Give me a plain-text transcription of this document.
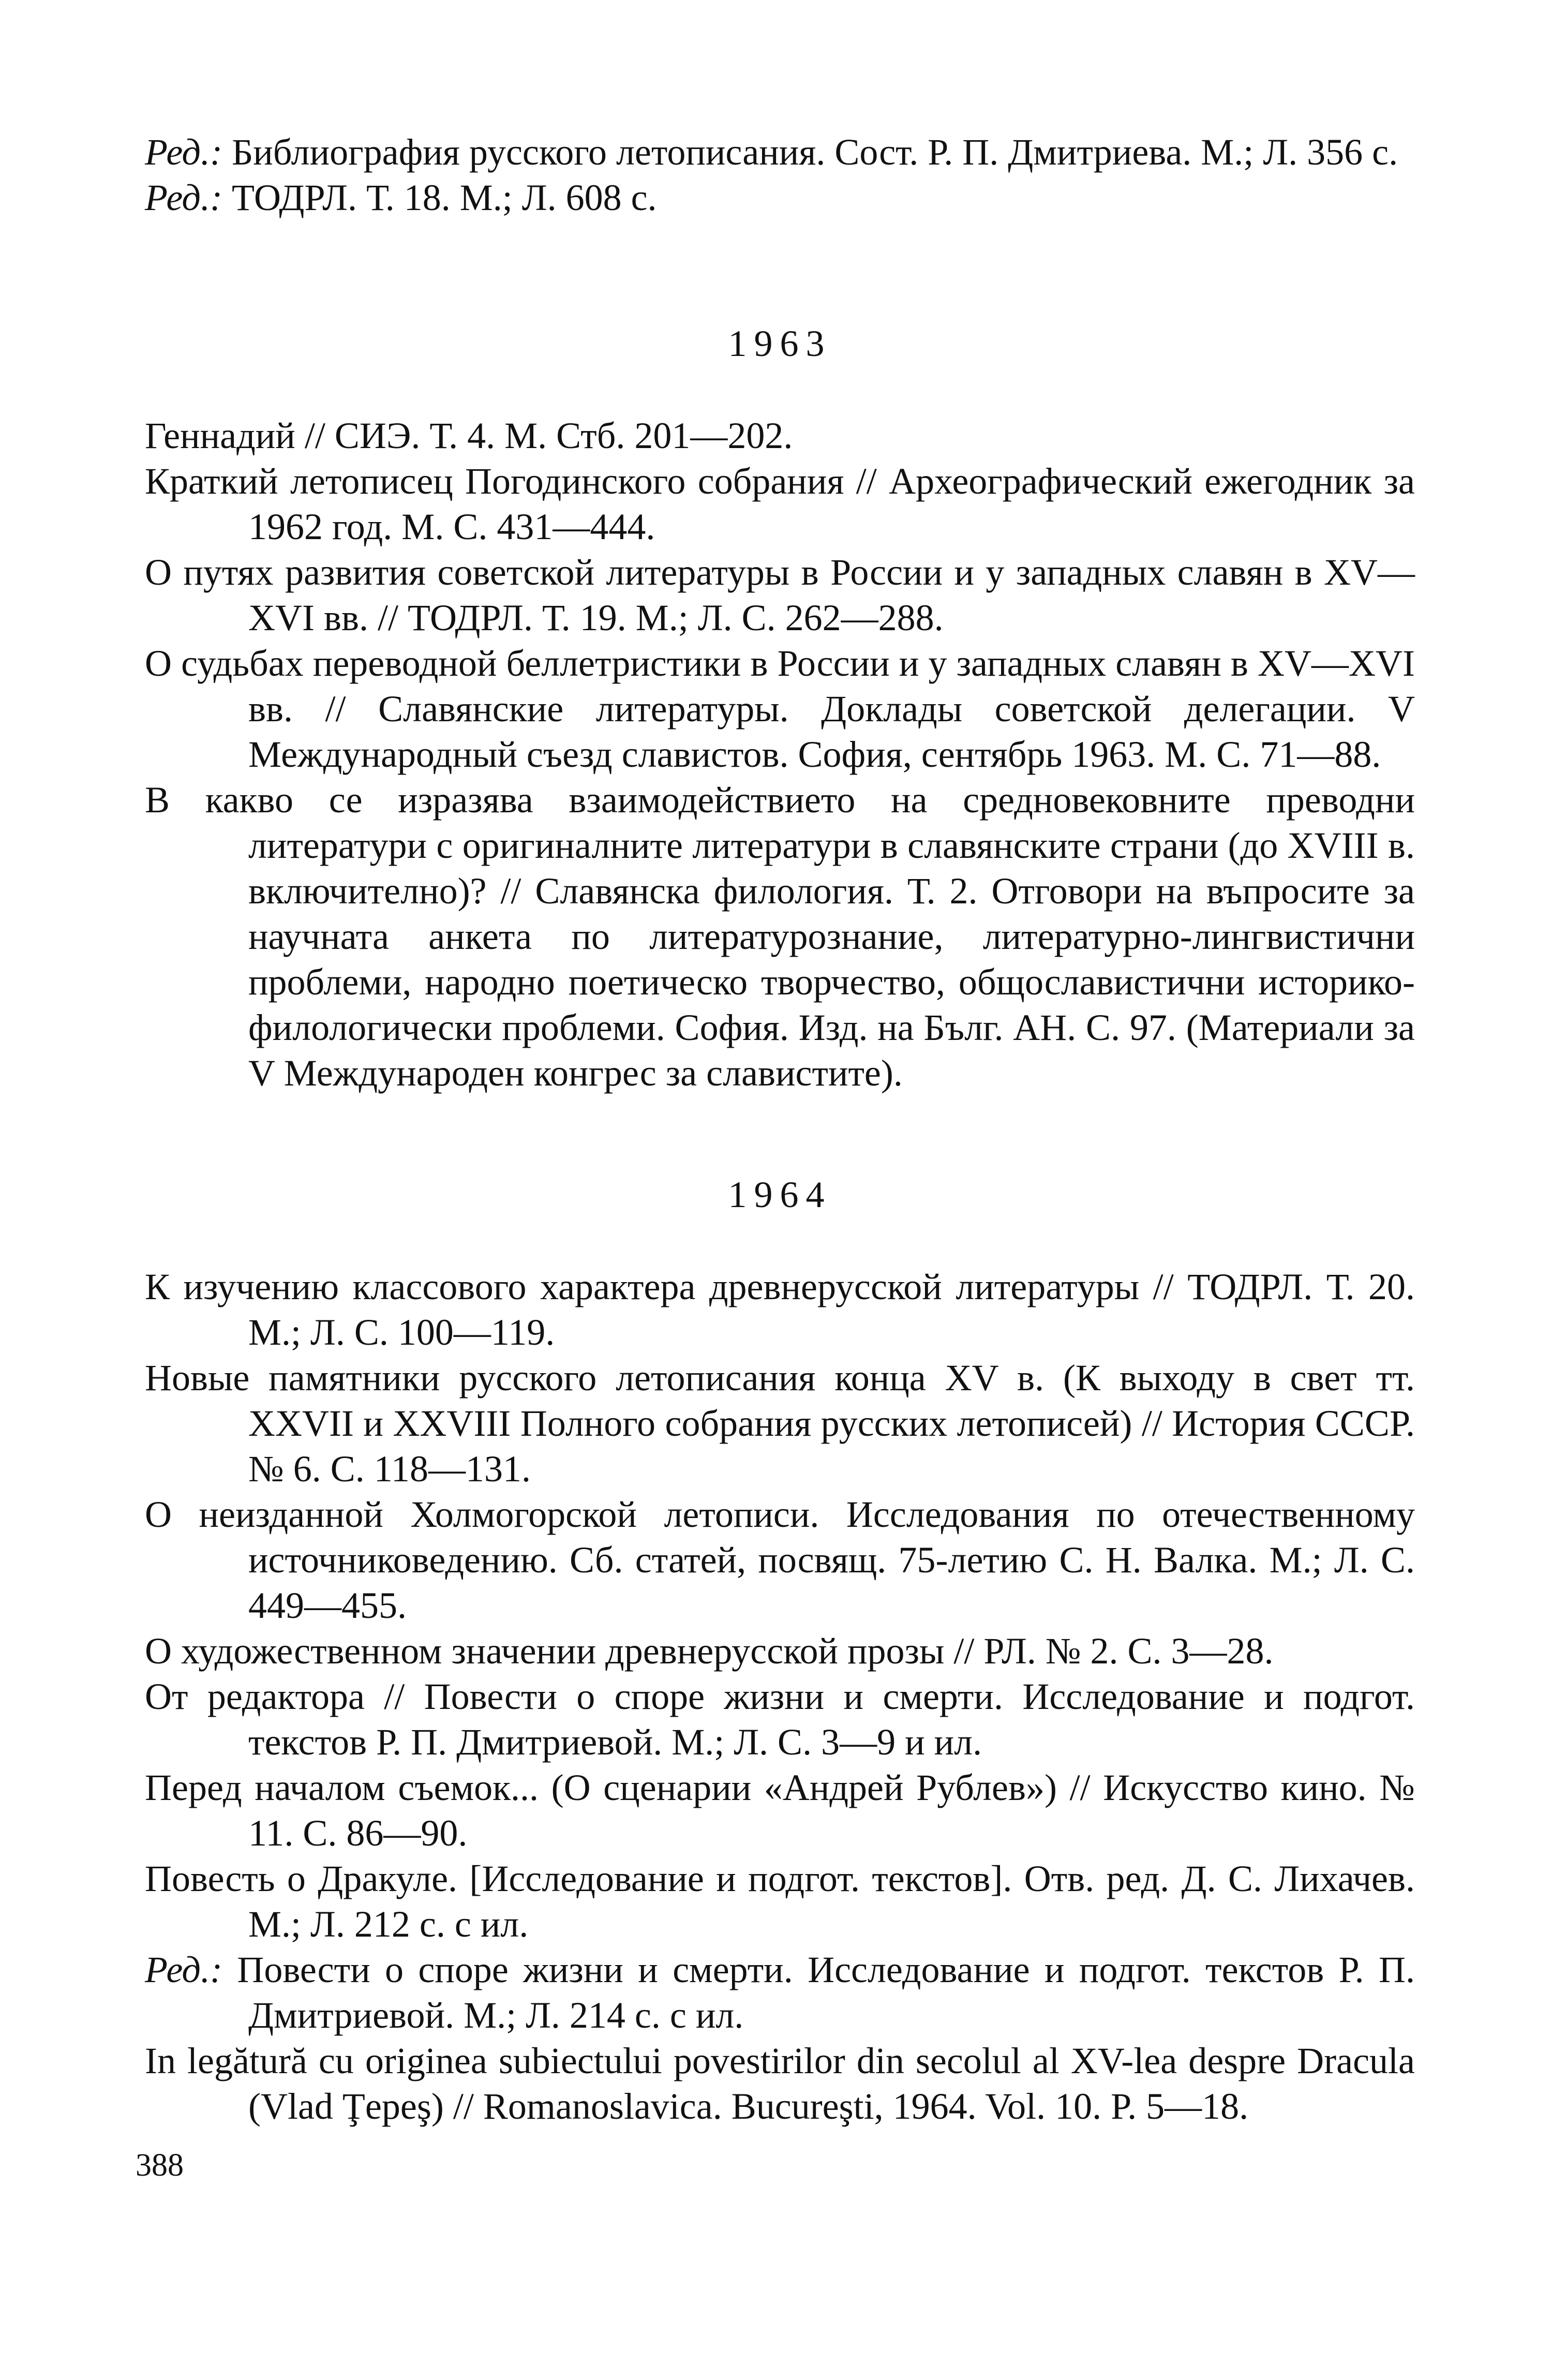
Ред.: Библиография русского летописания. Сост. Р. П. Дмитриева. М.; Л. 356 с.

Ред.: ТОДРЛ. Т. 18. М.; Л. 608 с.

1963

Геннадий // СИЭ. Т. 4. М. Стб. 201—202.

Краткий летописец Погодинского собрания // Археографический ежегодник за 1962 год. М. С. 431—444.

О путях развития советской литературы в России и у западных славян в XV—XVI вв. // ТОДРЛ. Т. 19. М.; Л. С. 262—288.

О судьбах переводной беллетристики в России и у западных славян в XV—XVI вв. // Славянские литературы. Доклады советской делегации. V Международный съезд славистов. София, сентябрь 1963. М. С. 71—88.

В какво се изразява взаимодействието на средновековните преводни литератури с оригиналните литератури в славянските страни (до XVIII в. включително)? // Славянска филология. Т. 2. Отговори на въпросите за научната анкета по литературознание, литературно-лингвистични проблеми, народно поетическо творчество, общославистични историко-филологически проблеми. София. Изд. на Бълг. АН. С. 97. (Материали за V Международен конгрес за славистите).

1964

К изучению классового характера древнерусской литературы // ТОДРЛ. Т. 20. М.; Л. С. 100—119.

Новые памятники русского летописания конца XV в. (К выходу в свет тт. XXVII и XXVIII Полного собрания русских летописей) // История СССР. № 6. С. 118—131.

О неизданной Холмогорской летописи. Исследования по отечественному источниковедению. Сб. статей, посвящ. 75-летию С. Н. Валка. М.; Л. С. 449—455.

О художественном значении древнерусской прозы // РЛ. № 2. С. 3—28.

От редактора // Повести о споре жизни и смерти. Исследование и подгот. текстов Р. П. Дмитриевой. М.; Л. С. 3—9 и ил.

Перед началом съемок... (О сценарии «Андрей Рублев») // Искусство кино. № 11. С. 86—90.

Повесть о Дракуле. [Исследование и подгот. текстов]. Отв. ред. Д. С. Лихачев. М.; Л. 212 с. с ил.

Ред.: Повести о споре жизни и смерти. Исследование и подгот. текстов Р. П. Дмитриевой. М.; Л. 214 с. с ил.

In legătură cu originea subiectului povestirilor din secolul al XV-lea despre Dracula (Vlad Ţepeş) // Romanoslavica. Bucureşti, 1964. Vol. 10. P. 5—18.

388
